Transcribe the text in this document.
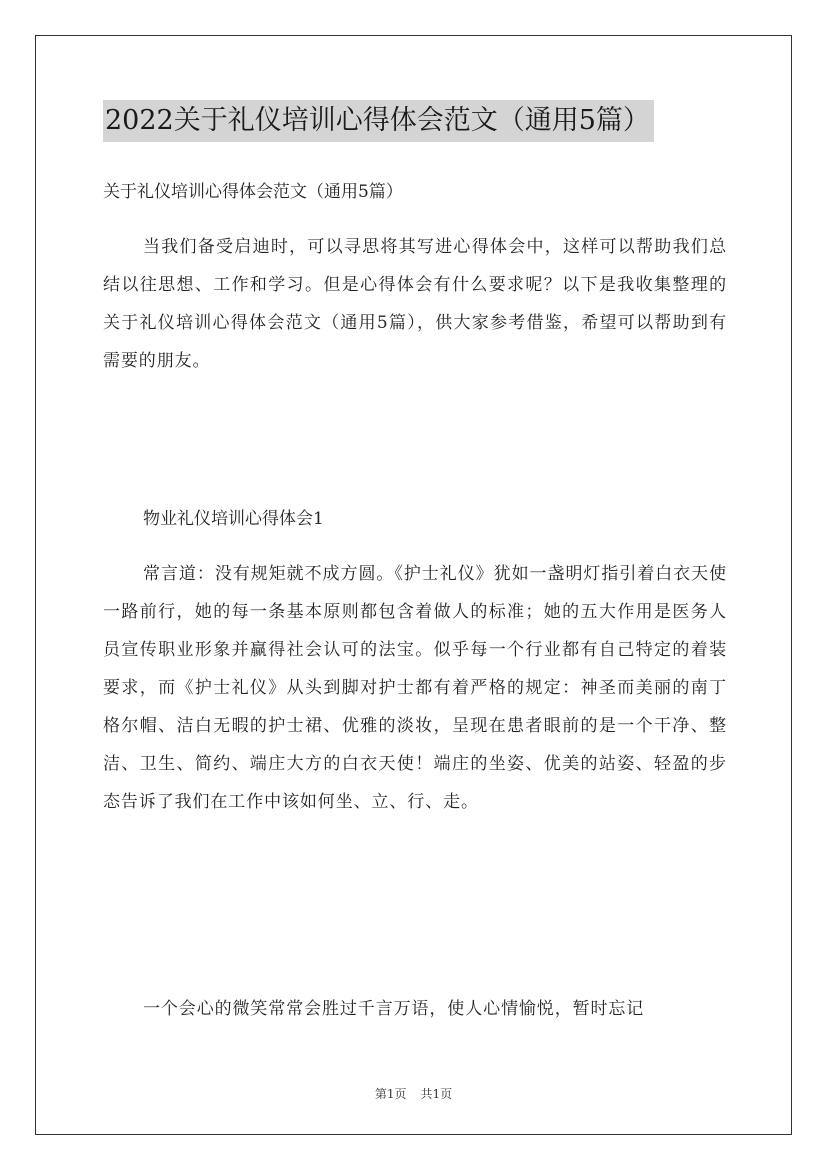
2022关于礼仪培训心得体会范文（通用5篇）

关于礼仪培训心得体会范文（通用5篇）

当我们备受启迪时，可以寻思将其写进心得体会中，这样可以帮助我们总结以往思想、工作和学习。但是心得体会有什么要求呢？以下是我收集整理的关于礼仪培训心得体会范文（通用5篇），供大家参考借鉴，希望可以帮助到有需要的朋友。

物业礼仪培训心得体会1

常言道：没有规矩就不成方圆。《护士礼仪》犹如一盏明灯指引着白衣天使一路前行，她的每一条基本原则都包含着做人的标准；她的五大作用是医务人员宣传职业形象并赢得社会认可的法宝。似乎每一个行业都有自己特定的着装要求，而《护士礼仪》从头到脚对护士都有着严格的规定：神圣而美丽的南丁格尔帽、洁白无暇的护士裙、优雅的淡妆，呈现在患者眼前的是一个干净、整洁、卫生、简约、端庄大方的白衣天使！端庄的坐姿、优美的站姿、轻盈的步态告诉了我们在工作中该如何坐、立、行、走。

一个会心的微笑常常会胜过千言万语，使人心情愉悦，暂时忘记

第1页 共1页
